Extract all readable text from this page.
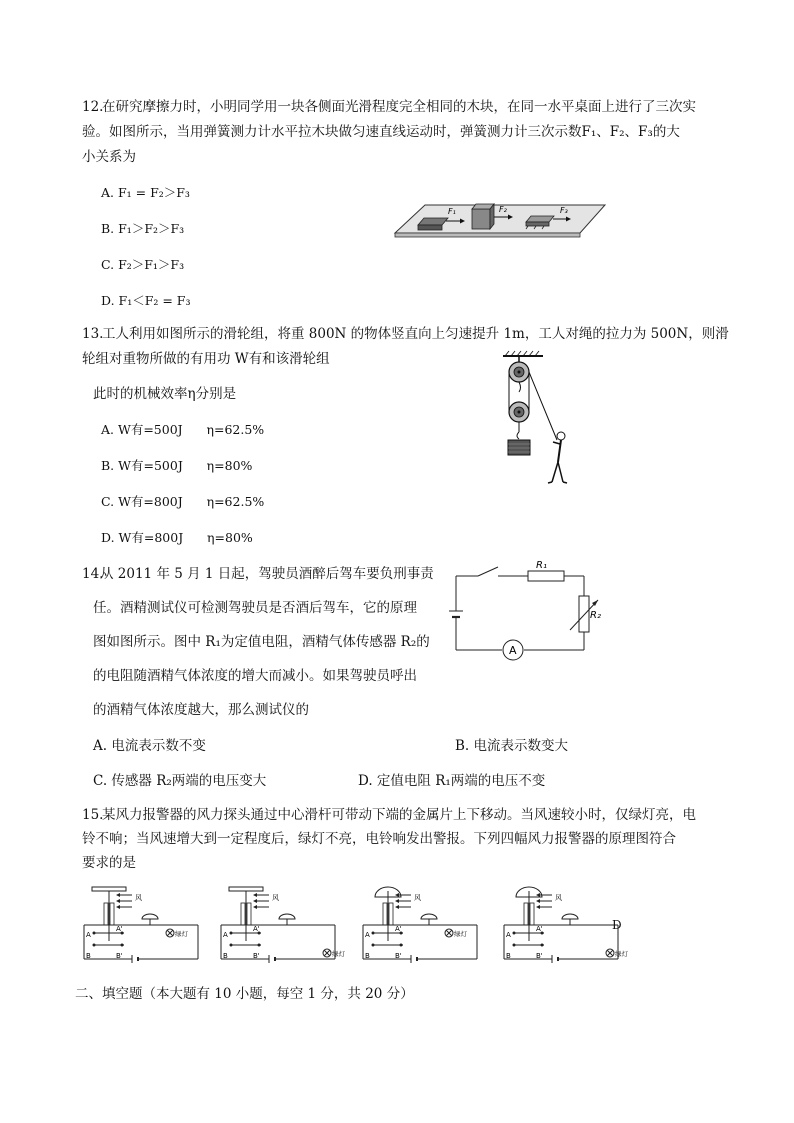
12.
在研究摩擦力时，小明同学用一块各侧面光滑程度完全相同的木块，在同一水平桌面上进行了三次实
验。如图所示，当用弹簧测力计水平拉木块做匀速直线运动时，弹簧测力计三次示数F₁、F₂、F₃的大
小关系为
A. F₁ = F₂＞F₃
B. F₁＞F₂＞F₃
C. F₂＞F₁＞F₃
D. F₁＜F₂ = F₃
F₁	F₂	F₃
13.
工人利用如图所示的滑轮组，将重 800N 的物体竖直向上匀速提升 1m，工人对绳的拉力为 500N，则滑
轮组对重物所做的有用功 W有和该滑轮组
此时的机械效率η分别是
A. W有=500J      η=62.5%
B. W有=500J      η=80%
C. W有=800J      η=62.5%
D. W有=800J      η=80%
14.
从 2011 年 5 月 1 日起，驾驶员酒醉后驾车要负刑事责
任。酒精测试仪可检测驾驶员是否酒后驾车，它的原理
图如图所示。图中 R₁为定值电阻，酒精气体传感器 R₂的
的电阻随酒精气体浓度的增大而减小。如果驾驶员呼出
的酒精气体浓度越大，那么测试仪的
A. 电流表示数不变	B. 电流表示数变大
C. 传感器 R₂两端的电压变大	D. 定值电阻 R₁两端的电压不变
A
R₁
R₂
15.
某风力报警器的风力探头通过中心滑杆可带动下端的金属片上下移动。当风速较小时，仅绿灯亮，电
铃不响；当风速增大到一定程度后，绿灯不亮，电铃响发出警报。下列四幅风力报警器的原理图符合
要求的是
风
A
A'
B	B'
绿灯
风
A
A'
B	B'	绿灯
风
A
A'
B	B'
绿灯
风
A
A'
B	B'	绿灯
D
二、填空题（本大题有 10 小题，每空 1 分，共 20 分）
